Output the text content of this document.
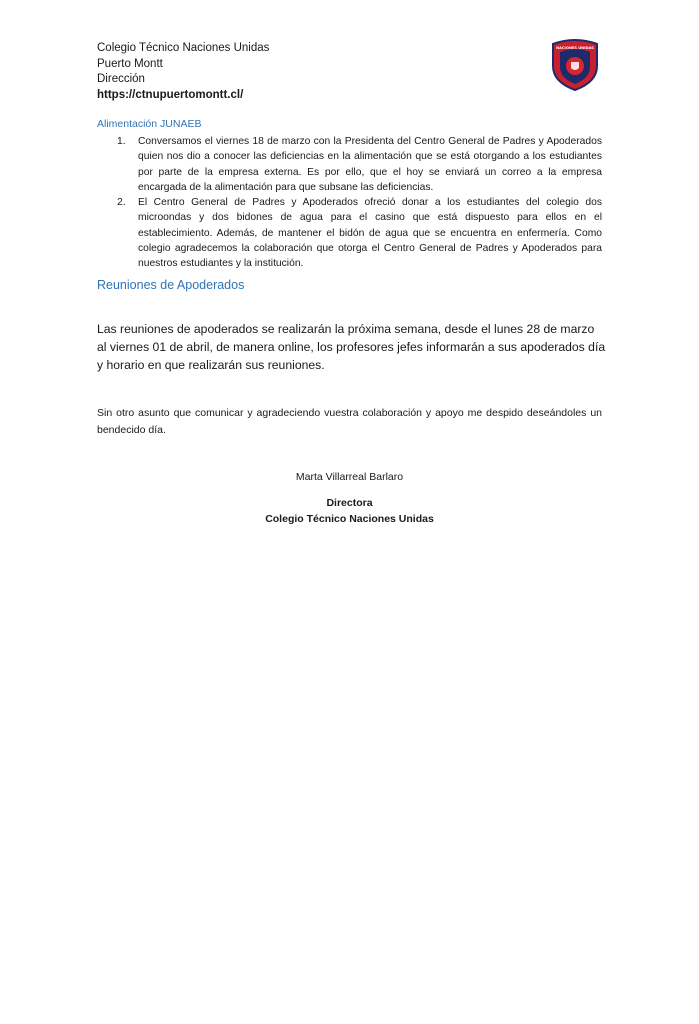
Colegio Técnico Naciones Unidas
Puerto Montt
Dirección
https://ctnupuertomontt.cl/
NACIONES UNIDAS
Alimentación JUNAEB
1. Conversamos el viernes 18 de marzo con la Presidenta del Centro General de Padres y Apoderados quien nos dio a conocer las deficiencias en la alimentación que se está otorgando a los estudiantes por parte de la empresa externa. Es por ello, que el hoy se enviará un correo a la empresa encargada de la alimentación para que subsane las deficiencias.
2. El Centro General de Padres y Apoderados ofreció donar a los estudiantes del colegio dos microondas y dos bidones de agua para el casino que está dispuesto para ellos en el establecimiento. Además, de mantener el bidón de agua que se encuentra en enfermería. Como colegio agradecemos la colaboración que otorga el Centro General de Padres y Apoderados para nuestros estudiantes y la institución.
Reuniones de Apoderados
Las reuniones de apoderados se realizarán la próxima semana, desde el lunes 28 de marzo al viernes 01 de abril, de manera online, los profesores jefes informarán a sus apoderados día y horario en que realizarán sus reuniones.
Sin otro asunto que comunicar y agradeciendo vuestra colaboración y apoyo me despido deseándoles un bendecido día.
Marta Villarreal Barlaro
Directora
Colegio Técnico Naciones Unidas
